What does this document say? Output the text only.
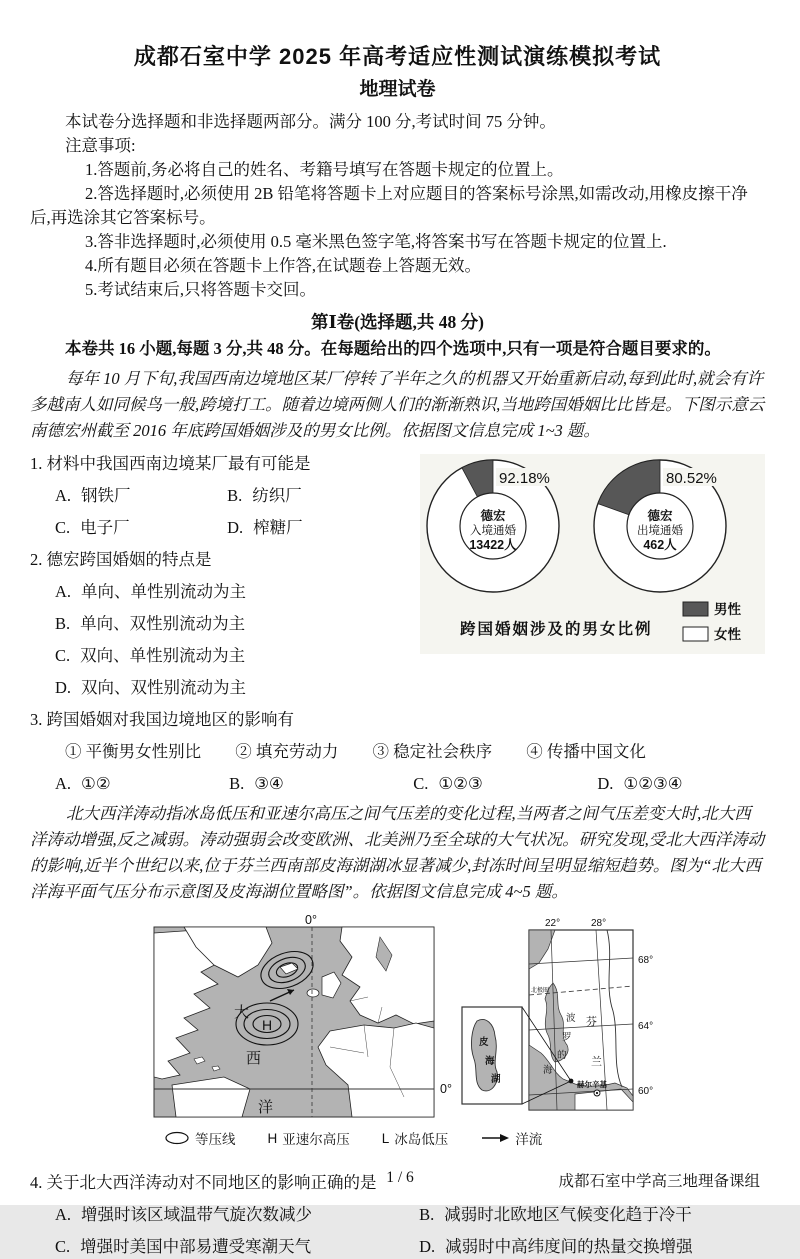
成都石室中学 2025 年高考适应性测试演练模拟考试
地理试卷

本试卷分选择题和非选择题两部分。满分 100 分,考试时间 75 分钟。

注意事项:

1.答题前,务必将自己的姓名、考籍号填写在答题卡规定的位置上。

2.答选择题时,必须使用 2B 铅笔将答题卡上对应题目的答案标号涂黑,如需改动,用橡皮擦干净后,再选涂其它答案标号。

3.答非选择题时,必须使用 0.5 毫米黑色签字笔,将答案书写在答题卡规定的位置上.

4.所有题目必须在答题卡上作答,在试题卷上答题无效。

5.考试结束后,只将答题卡交回。

第Ⅰ卷(选择题,共 48 分)

本卷共 16 小题,每题 3 分,共 48 分。在每题给出的四个选项中,只有一项是符合题目要求的。

每年 10 月下旬,我国西南边境地区某厂停转了半年之久的机器又开始重新启动,每到此时,就会有许多越南人如同候鸟一般,跨境打工。随着边境两侧人们的渐渐熟识,当地跨国婚姻比比皆是。下图示意云南德宏州截至 2016 年底跨国婚姻涉及的男女比例。依据图文信息完成 1~3 题。

92.18%
德宏
入境通婚
13422人
80.52%
德宏
出境通婚
462人
跨国婚姻涉及的男女比例
男性
女性

1. 材料中我国西南边境某厂最有可能是

A. 钢铁厂	B. 纺织厂

C. 电子厂	D. 榨糖厂

2. 德宏跨国婚姻的特点是

A. 单向、单性别流动为主

B. 单向、双性别流动为主

C. 双向、单性别流动为主

D. 双向、双性别流动为主

3. 跨国婚姻对我国边境地区的影响有

① 平衡男女性别比 ② 填充劳动力 ③ 稳定社会秩序 ④ 传播中国文化

A. ①②	B. ③④	C. ①②③	D. ①②③④

北大西洋涛动指冰岛低压和亚速尔高压之间气压差的变化过程,当两者之间气压差变大时,北大西洋涛动增强,反之减弱。涛动强弱会改变欧洲、北美洲乃至全球的大气状况。研究发现,受北大西洋涛动的影响,近半个世纪以来,位于芬兰西南部皮海湖湖冰显著减少,封冻时间呈明显缩短趋势。图为“北大西洋海平面气压分布示意图及皮海湖位置略图”。依据图文信息完成 4~5 题。

0°
H
大
西
洋
0°
等压线 H 亚速尔高压 L 冰岛低压	洋流
22°	28°
北极圈
波
罗
的
海
芬
兰
赫尔辛基
68°
64°
60°
皮
海
湖

4. 关于北大西洋涛动对不同地区的影响正确的是

A. 增强时该区域温带气旋次数减少	B. 减弱时北欧地区气候变化趋于冷干

C. 增强时美国中部易遭受寒潮天气	D. 减弱时中高纬度间的热量交换增强

1 / 6	成都石室中学高三地理备课组
